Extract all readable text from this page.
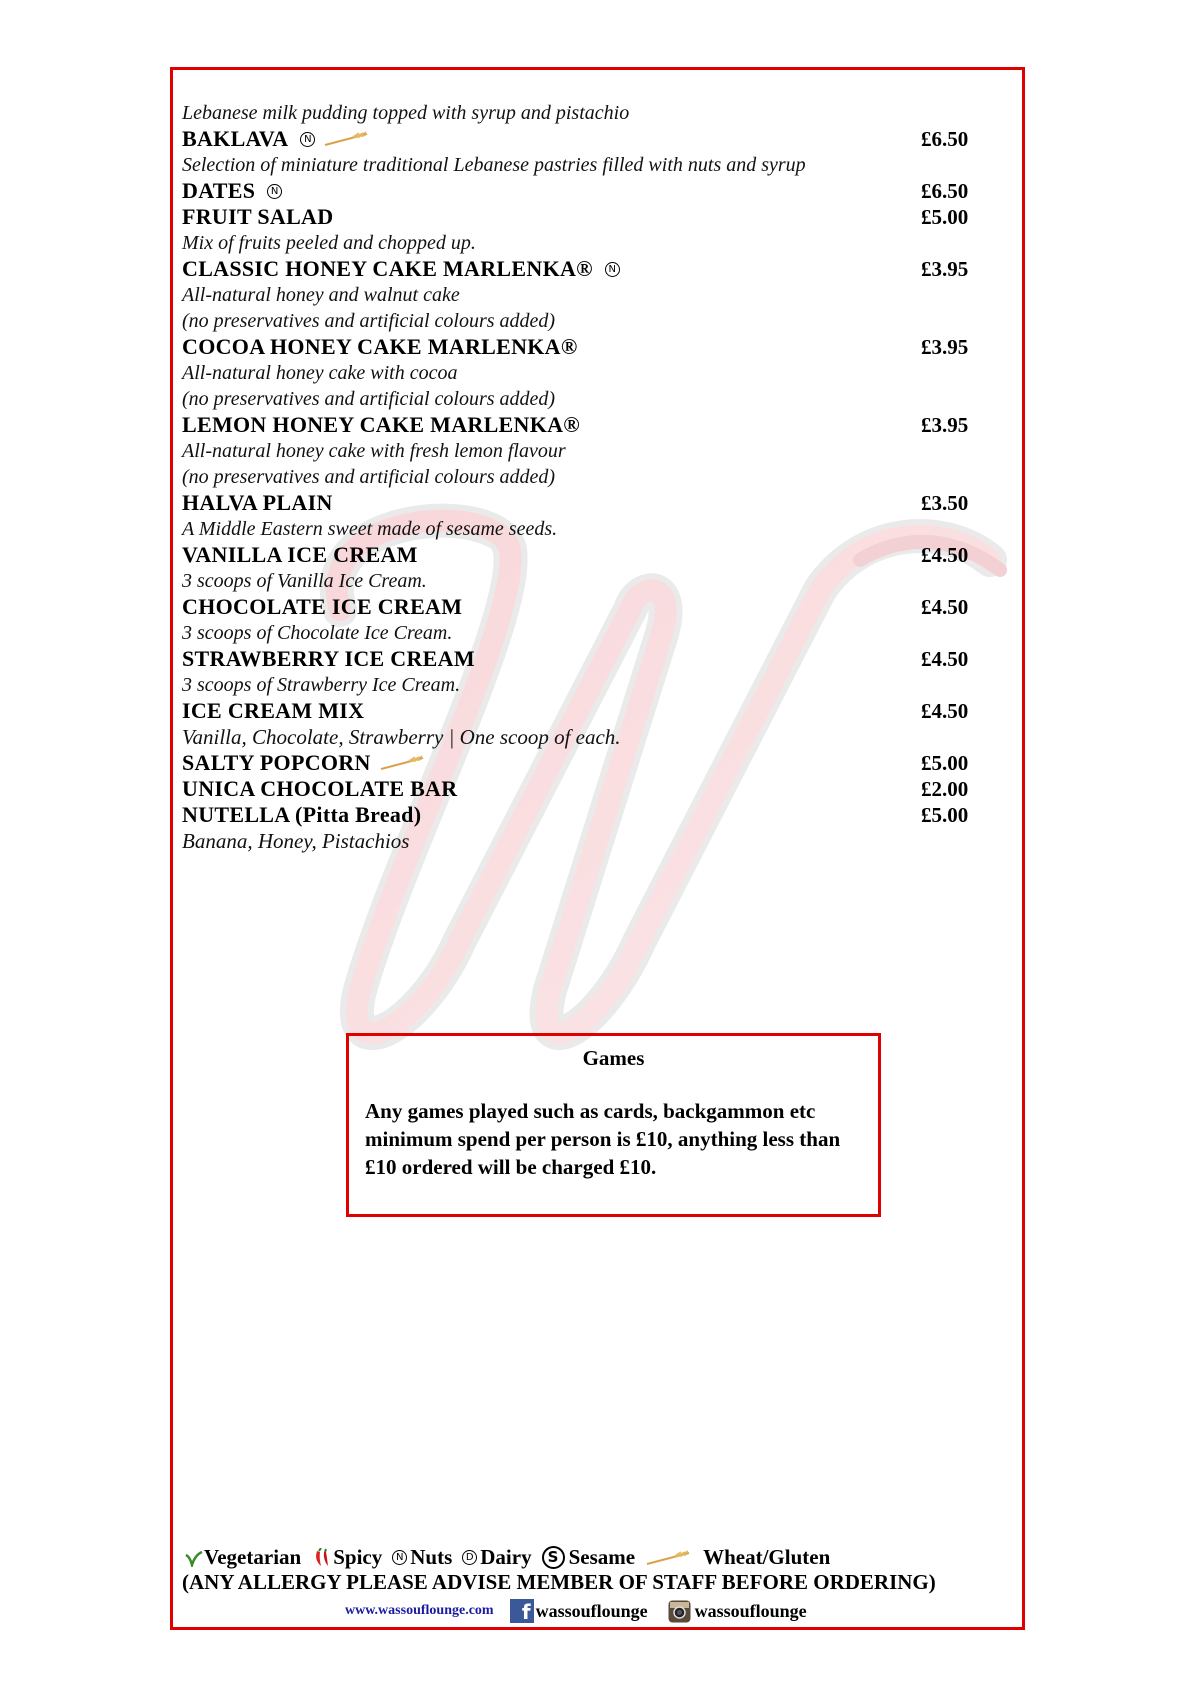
Lebanese milk pudding topped with syrup and pistachio
BAKLAVA	N	£6.50
Selection of miniature traditional Lebanese pastries filled with nuts and syrup
DATES	N	£6.50
FRUIT SALAD	£5.00
Mix of fruits peeled and chopped up.
CLASSIC HONEY CAKE MARLENKA®	N	£3.95
All-natural honey and walnut cake
(no preservatives and artificial colours added)
COCOA HONEY CAKE MARLENKA®	£3.95
All-natural honey cake with cocoa
(no preservatives and artificial colours added)
LEMON HONEY CAKE MARLENKA®	£3.95
All-natural honey cake with fresh lemon flavour
(no preservatives and artificial colours added)
HALVA PLAIN	£3.50
A Middle Eastern sweet made of sesame seeds.
VANILLA ICE CREAM	£4.50
3 scoops of Vanilla Ice Cream.
CHOCOLATE ICE CREAM	£4.50
3 scoops of Chocolate Ice Cream.
STRAWBERRY ICE CREAM	£4.50
3 scoops of Strawberry Ice Cream.
ICE CREAM MIX	£4.50
Vanilla, Chocolate, Strawberry | One scoop of each.
SALTY POPCORN	£5.00
UNICA CHOCOLATE BAR	£2.00
NUTELLA (Pitta Bread)	£5.00
Banana, Honey, Pistachios
Games

Any games played such as cards, backgammon etc minimum spend per person is £10, anything less than £10 ordered will be charged £10.

Vegetarian Spicy	N Nuts	D Dairy	S Sesame	Wheat/Gluten
(ANY ALLERGY PLEASE ADVISE MEMBER OF STAFF BEFORE ORDERING)
www.wassouflounge.com	f wassouflounge	wassouflounge
